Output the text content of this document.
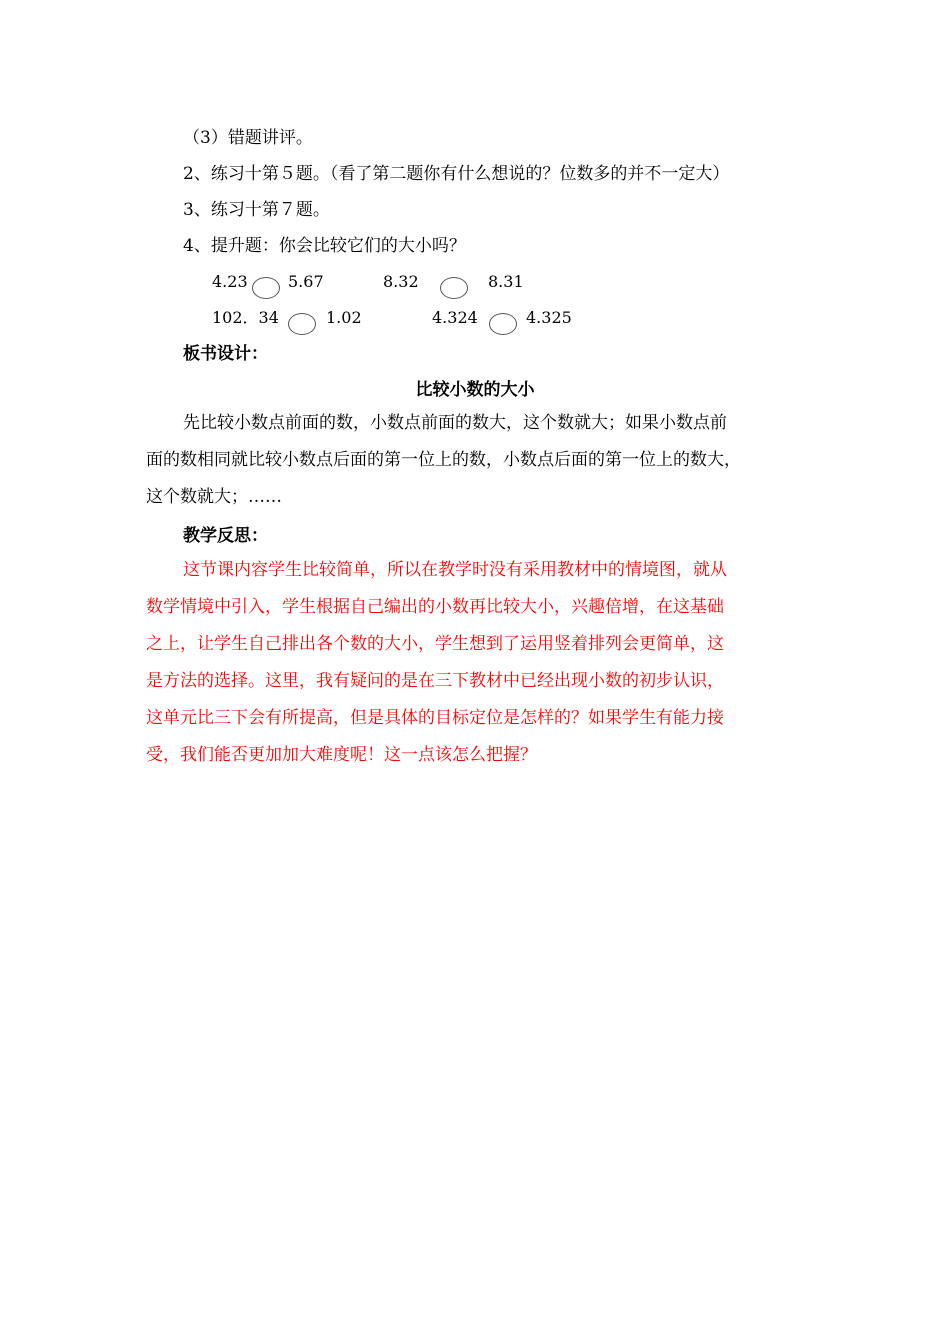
（3）错题讲评。
2、练习十第５题。（看了第二题你有什么想说的？位数多的并不一定大）
3、练习十第７题。
4、提升题：你会比较它们的大小吗？
4.23	5.67	8.32	8.31
102．34	1.02	4.324	4.325
板书设计：
比较小数的大小
先比较小数点前面的数，小数点前面的数大，这个数就大；如果小数点前
面的数相同就比较小数点后面的第一位上的数，小数点后面的第一位上的数大，
这个数就大；……
教学反思：
这节课内容学生比较简单，所以在教学时没有采用教材中的情境图，就从
数学情境中引入，学生根据自己编出的小数再比较大小，兴趣倍增，在这基础
之上，让学生自己排出各个数的大小，学生想到了运用竖着排列会更简单，这
是方法的选择。这里，我有疑问的是在三下教材中已经出现小数的初步认识，
这单元比三下会有所提高，但是具体的目标定位是怎样的？如果学生有能力接
受，我们能否更加加大难度呢！这一点该怎么把握？
